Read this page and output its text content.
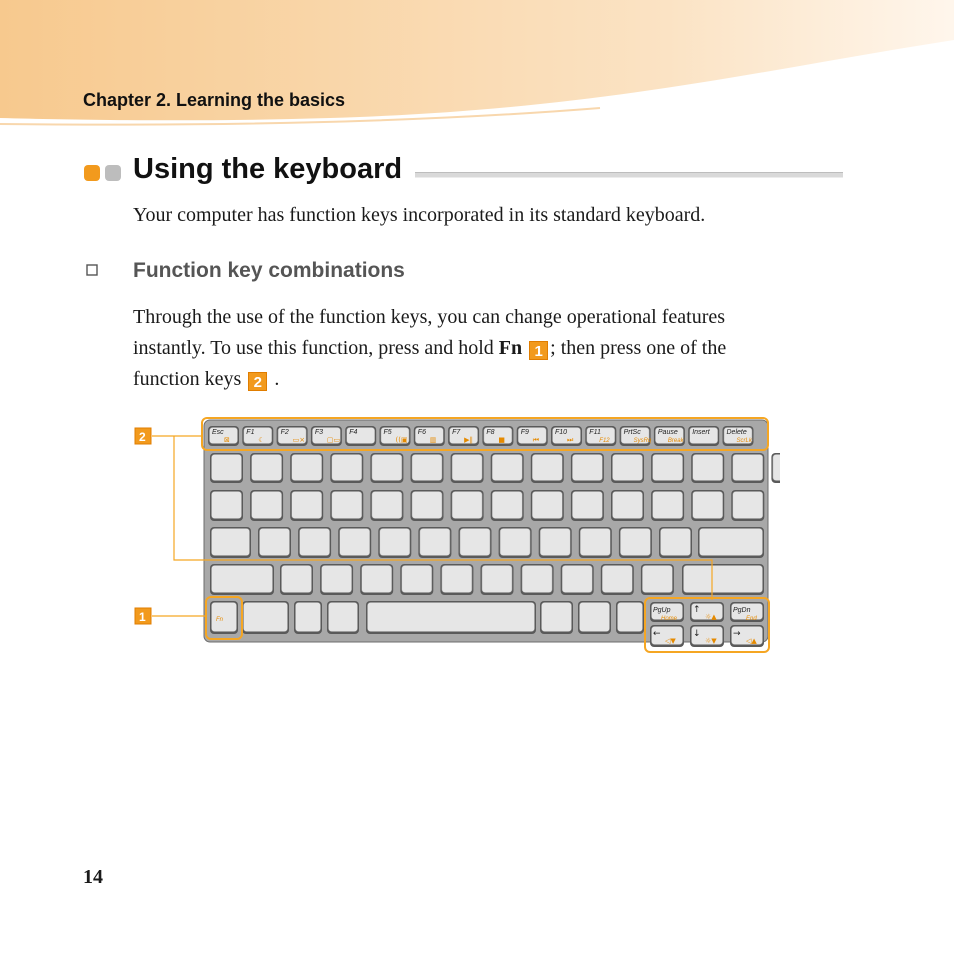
Chapter 2. Learning the basics
Using the keyboard
Your computer has function keys incorporated in its standard keyboard.
Function key combinations
Through the use of the function keys, you can change operational features
instantly. To use this function, press and hold Fn 1 ; then press one of the
function keys 2 .
Esc
⊠
F1
☾
F2
▭×
F3
▢▭
F4	F5
((▣
F6
▥
F7
▶∥
F8
■
F9
⏮
F10
⏭
F11
F12
PrtSc
SysRq
Pause
Break
Insert Delete
ScrLk
Fn
PgUp
Home
↑
☼▲
PgDn
End
←
◁▼
↓
☼▼
→
◁▲
2
1
14
